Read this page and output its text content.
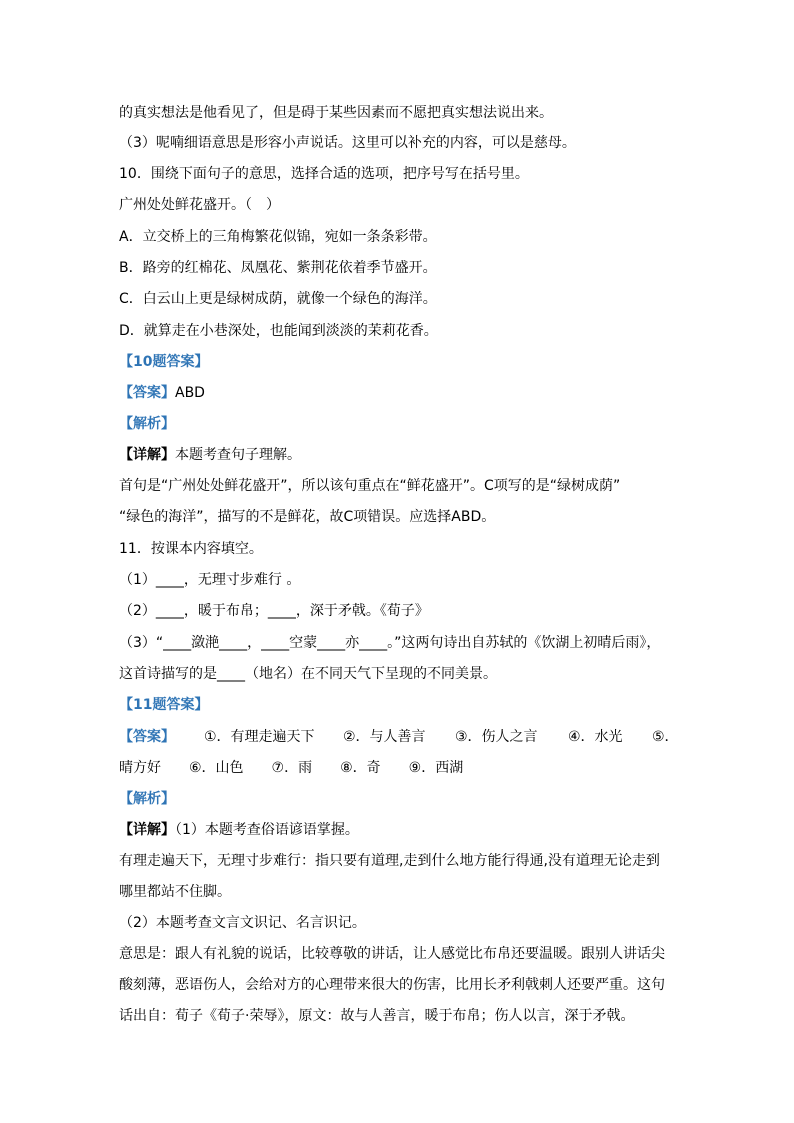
的真实想法是他看见了，但是碍于某些因素而不愿把真实想法说出来。
（3）呢喃细语意思是形容小声说话。这里可以补充的内容，可以是慈母。
10．围绕下面句子的意思，选择合适的选项，把序号写在括号里。
广州处处鲜花盛开。（　）
A．立交桥上的三角梅繁花似锦，宛如一条条彩带。
B．路旁的红棉花、凤凰花、紫荆花依着季节盛开。
C．白云山上更是绿树成荫，就像一个绿色的海洋。
D．就算走在小巷深处，也能闻到淡淡的茉莉花香。
【10题答案】
【答案】ABD
【解析】
【详解】本题考查句子理解。
首句是“广州处处鲜花盛开”，所以该句重点在“鲜花盛开”。C项写的是“绿树成荫”
“绿色的海洋”，描写的不是鲜花，故C项错误。应选择ABD。
11．按课本内容填空。
（1）____，无理寸步难行 。
（2）____，暖于布帛；____，深于矛戟。《荀子》
（3）“____潋滟____，____空蒙____亦____。”这两句诗出自苏轼的《饮湖上初晴后雨》，
这首诗描写的是____（地名）在不同天气下呈现的不同美景。
【11题答案】
【答案】 ①．有理走遍天下 ②．与人善言 ③．伤人之言 ④．水光 ⑤．
晴方好　　⑥．山色　　⑦．雨　　⑧．奇　　⑨．西湖
【解析】
【详解】（1）本题考查俗语谚语掌握。
有理走遍天下，无理寸步难行：指只要有道理,走到什么地方能行得通,没有道理无论走到
哪里都站不住脚。
（2）本题考查文言文识记、名言识记。
意思是：跟人有礼貌的说话，比较尊敬的讲话，让人感觉比布帛还要温暖。跟别人讲话尖
酸刻薄，恶语伤人，会给对方的心理带来很大的伤害，比用长矛利戟刺人还要严重。这句
话出自：荀子《荀子·荣辱》，原文：故与人善言，暖于布帛；伤人以言，深于矛戟。
